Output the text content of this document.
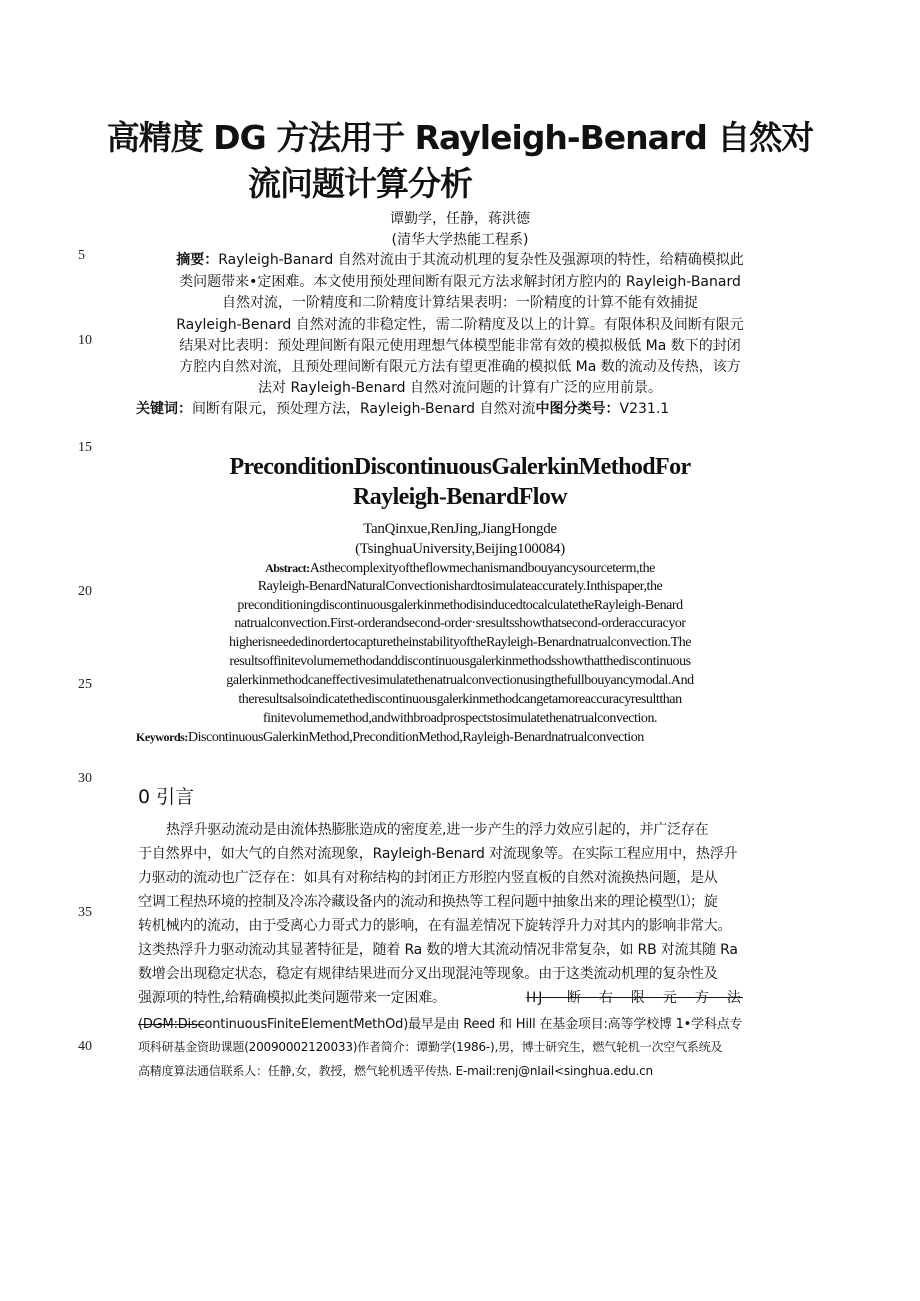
5
10
15
20
25
30
35
40
高精度 DG 方法用于 Rayleigh-Benard 自然对
流问题计算分析
谭勤学，任静，蒋洪德
(清华大学热能工程系)
摘要：Rayleigh-Banard 自然对流由于其流动机理的复杂性及强源项的特性，给精确模拟此
类问题带来•定困难。本文使用预处理间断有限元方法求解封闭方腔内的 Rayleigh-Banard
自然对流，一阶精度和二阶精度计算结果表明：一阶精度的计算不能有效捕捉
Rayleigh-Benard 自然对流的非稳定性，需二阶精度及以上的计算。有限体积及间断有限元
结果对比表明：预处理间断有限元使用理想气体模型能非常有效的模拟极低 Ma 数下的封闭
方腔内自然对流，且预处理间断有限元方法有望更准确的模拟低 Ma 数的流动及传热，该方
法对 Rayleigh-Benard 自然对流问题的计算有广泛的应用前景。
关键词：间断有限元，预处理方法，Rayleigh-Benard 自然对流中图分类号：V231.1
PreconditionDiscontinuousGalerkinMethodFor
Rayleigh-BenardFlow
TanQinxue,RenJing,JiangHongde
(TsinghuaUniversity,Beijing100084)
Abstract:Asthecomplexityoftheflowmechanismandbouyancysourceterm,the
Rayleigh-BenardNaturalConvectionishardtosimulateaccurately.Inthispaper,the
preconditioningdiscontinuousgalerkinmethodisinducedtocalculatetheRayleigh-Benard
natrualconvection.First-orderandsecond-order·sresultsshowthatsecond-orderaccuracyor
higherisneededinordertocapturetheinstabilityoftheRayleigh-Benardnatrualconvection.The
resultsoffinitevolumemethodanddiscontinuousgalerkinmethodsshowthatthediscontinuous
galerkinmethodcaneffectivesimulatethenatrualconvectionusingthefullbouyancymodal.And
theresultsalsoindicatethediscontinuousgalerkinmethodcangetamoreaccuracyresultthan
finitevolumemethod,andwithbroadprospectstosimulatethenatrualconvection.
Keywords:DiscontinuousGalerkinMethod,PreconditionMethod,Rayleigh-Benardnatrualconvection
0 引言
热浮升驱动流动是由流体热膨胀造成的密度差,进一步产生的浮力效应引起的，并广泛存在
于自然界中，如大气的自然对流现象，Rayleigh-Benard 对流现象等。在实际工程应用中，热浮升
力驱动的流动也广泛存在：如具有对称结构的封闭正方形腔内竖直板的自然对流换热问题，是从
空调工程热环境的控制及冷冻冷藏设备内的流动和换热等工程问题中抽象出来的理论模型⑴；旋
转机械内的流动，由于受离心力哥式力的影响，在有温差情况下旋转浮升力对其内的影响非常大。
这类热浮升力驱动流动其显著特征是，随着 Ra 数的增大其流动情况非常复杂，如 RB 对流其随 Ra
数增会出现稳定状态，稳定有规律结果进而分叉出现混沌等现象。由于这类流动机理的复杂性及
强源项的特性,给精确模拟此类问题带来一定困难。	IIJ 　断　右　限　元　方　法
(DGM:DiscontinuousFiniteElementMethOd)最早是由 Reed 和 Hill 在基金项目:高等学校博 1•学科点专
项科研基金资助课题(20090002120033)作者简介：谭勤学(1986-),男，博士研究生，燃气轮机一次空气系统及
高精度算法通信联系人：任静,女，教授，燃气轮机透平传热. E-mail:renj@nIail<singhua.edu.cn
